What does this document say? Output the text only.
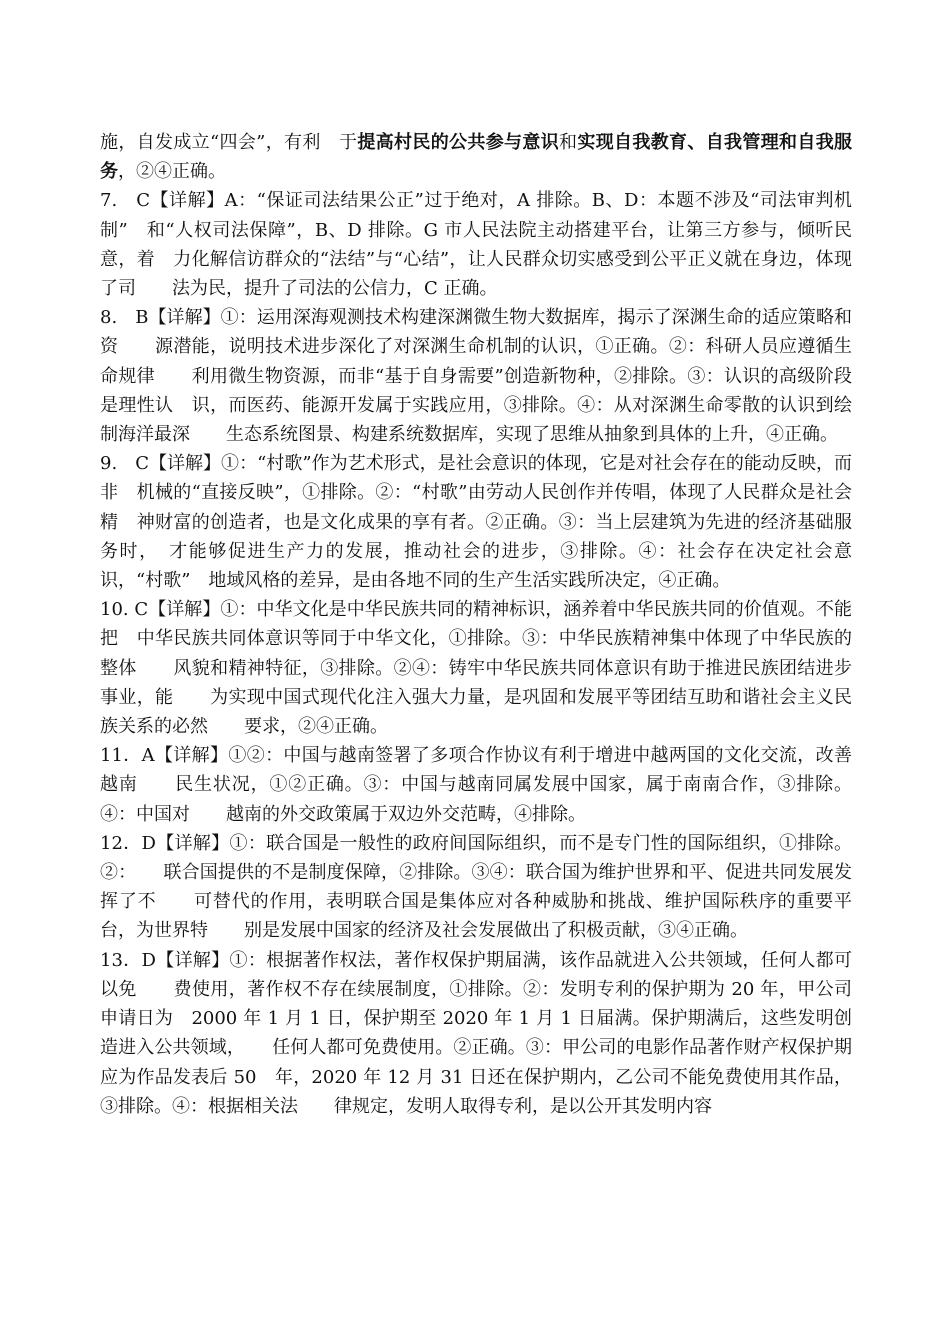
施，自发成立“四会”，有利　于提高村民的公共参与意识和实现自我教育、自我管理和自我服务，②④正确。

7.　C【详解】A：“保证司法结果公正”过于绝对，A 排除。B、D：本题不涉及“司法审判机制”　和“人权司法保障”，B、D 排除。G 市人民法院主动搭建平台，让第三方参与，倾听民意，着　力化解信访群众的“法结”与“心结”，让人民群众切实感受到公平正义就在身边，体现了司　　法为民，提升了司法的公信力，C 正确。

8.　B【详解】①：运用深海观测技术构建深渊微生物大数据库，揭示了深渊生命的适应策略和资　　源潜能，说明技术进步深化了对深渊生命机制的认识，①正确。②：科研人员应遵循生命规律　　利用微生物资源，而非“基于自身需要”创造新物种，②排除。③：认识的高级阶段是理性认　识，而医药、能源开发属于实践应用，③排除。④：从对深渊生命零散的认识到绘制海洋最深　　生态系统图景、构建系统数据库，实现了思维从抽象到具体的上升，④正确。

9.　C【详解】①：“村歌”作为艺术形式，是社会意识的体现，它是对社会存在的能动反映，而非　机械的“直接反映”，①排除。②：“村歌”由劳动人民创作并传唱，体现了人民群众是社会精　神财富的创造者，也是文化成果的享有者。②正确。③：当上层建筑为先进的经济基础服务时，　才能够促进生产力的发展，推动社会的进步，③排除。④：社会存在决定社会意识，“村歌”　地域风格的差异，是由各地不同的生产生活实践所决定，④正确。

10. C【详解】①：中华文化是中华民族共同的精神标识，涵养着中华民族共同的价值观。不能把　中华民族共同体意识等同于中华文化，①排除。③：中华民族精神集中体现了中华民族的整体　　风貌和精神特征，③排除。②④：铸牢中华民族共同体意识有助于推进民族团结进步事业，能　　为实现中国式现代化注入强大力量，是巩固和发展平等团结互助和谐社会主义民族关系的必然　　要求，②④正确。

11．A【详解】①②：中国与越南签署了多项合作协议有利于增进中越两国的文化交流，改善越南　　民生状况，①②正确。③：中国与越南同属发展中国家，属于南南合作，③排除。④：中国对　　越南的外交政策属于双边外交范畴，④排除。

12．D【详解】①：联合国是一般性的政府间国际组织，而不是专门性的国际组织，①排除。②：　　联合国提供的不是制度保障，②排除。③④：联合国为维护世界和平、促进共同发展发挥了不　　可替代的作用，表明联合国是集体应对各种威胁和挑战、维护国际秩序的重要平台，为世界特　　别是发展中国家的经济及社会发展做出了积极贡献，③④正确。

13．D【详解】①：根据著作权法，著作权保护期届满，该作品就进入公共领域，任何人都可以免　　费使用，著作权不存在续展制度，①排除。②：发明专利的保护期为 20 年，甲公司申请日为　2000 年 1 月 1 日，保护期至 2020 年 1 月 1 日届满。保护期满后，这些发明创造进入公共领域，　　任何人都可免费使用。②正确。③：甲公司的电影作品著作财产权保护期应为作品发表后 50　年，2020 年 12 月 31 日还在保护期内，乙公司不能免费使用其作品，③排除。④：根据相关法　　律规定，发明人取得专利，是以公开其发明内容
